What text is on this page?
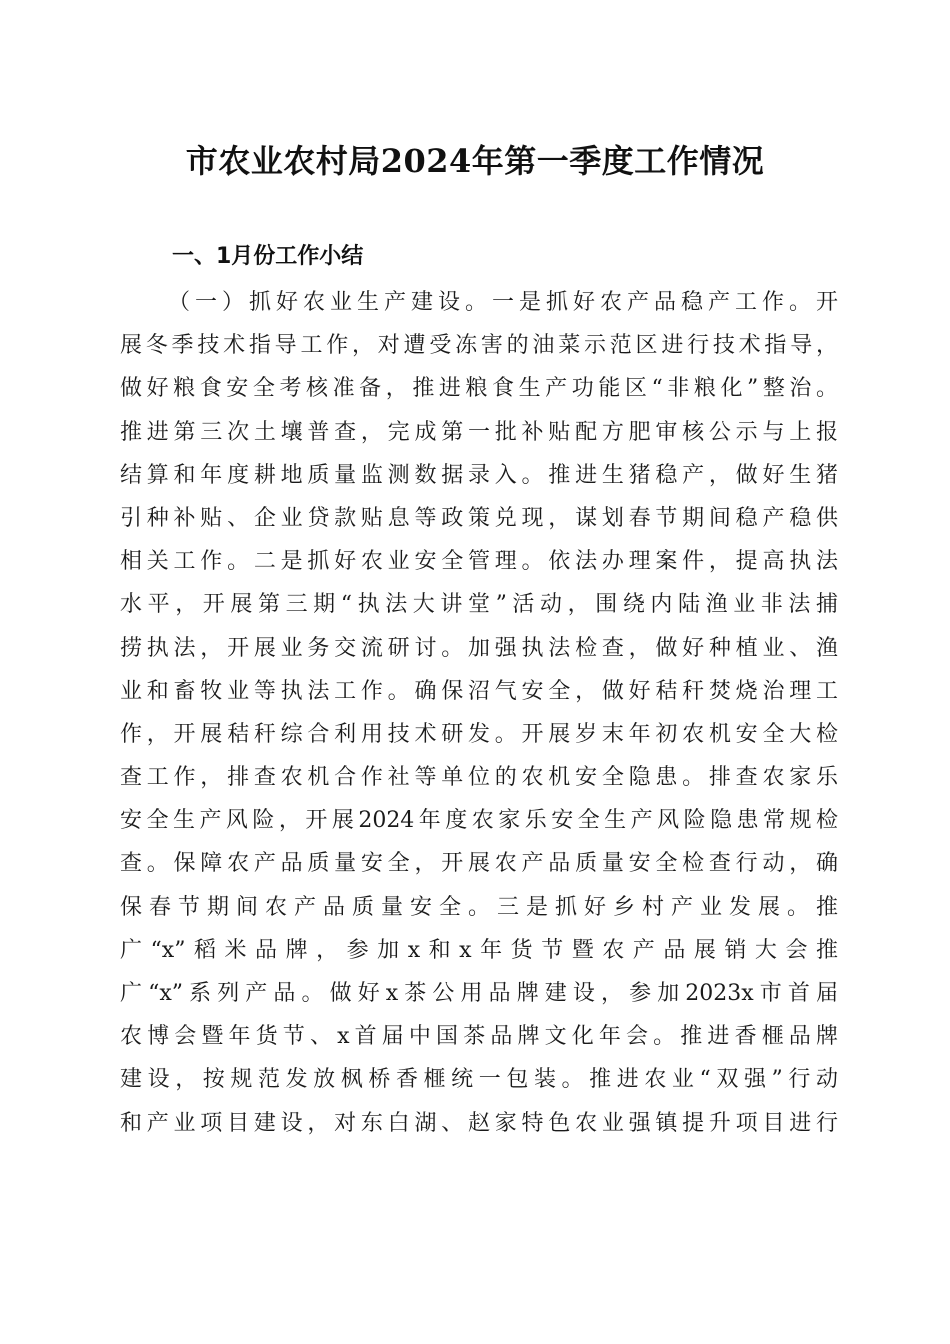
市农业农村局2024年第一季度工作情况
一、1月份工作小结
（一）抓好农业生产建设。一是抓好农产品稳产工作。开
展冬季技术指导工作，对遭受冻害的油菜示范区进行技术指导，
做好粮食安全考核准备，推进粮食生产功能区“非粮化”整治。
推进第三次土壤普查，完成第一批补贴配方肥审核公示与上报
结算和年度耕地质量监测数据录入。推进生猪稳产，做好生猪
引种补贴、企业贷款贴息等政策兑现，谋划春节期间稳产稳供
相关工作。二是抓好农业安全管理。依法办理案件，提高执法
水平，开展第三期“执法大讲堂”活动，围绕内陆渔业非法捕
捞执法，开展业务交流研讨。加强执法检查，做好种植业、渔
业和畜牧业等执法工作。确保沼气安全，做好秸秆焚烧治理工
作，开展秸秆综合利用技术研发。开展岁末年初农机安全大检
查工作，排查农机合作社等单位的农机安全隐患。排查农家乐
安全生产风险，开展2024年度农家乐安全生产风险隐患常规检
查。保障农产品质量安全，开展农产品质量安全检查行动，确
保春节期间农产品质量安全。三是抓好乡村产业发展。推
广“x”稻米品牌，参加x和x年货节暨农产品展销大会推
广“x”系列产品。做好x茶公用品牌建设，参加2023x市首届
农博会暨年货节、x首届中国茶品牌文化年会。推进香榧品牌
建设，按规范发放枫桥香榧统一包装。推进农业“双强”行动
和产业项目建设，对东白湖、赵家特色农业强镇提升项目进行
